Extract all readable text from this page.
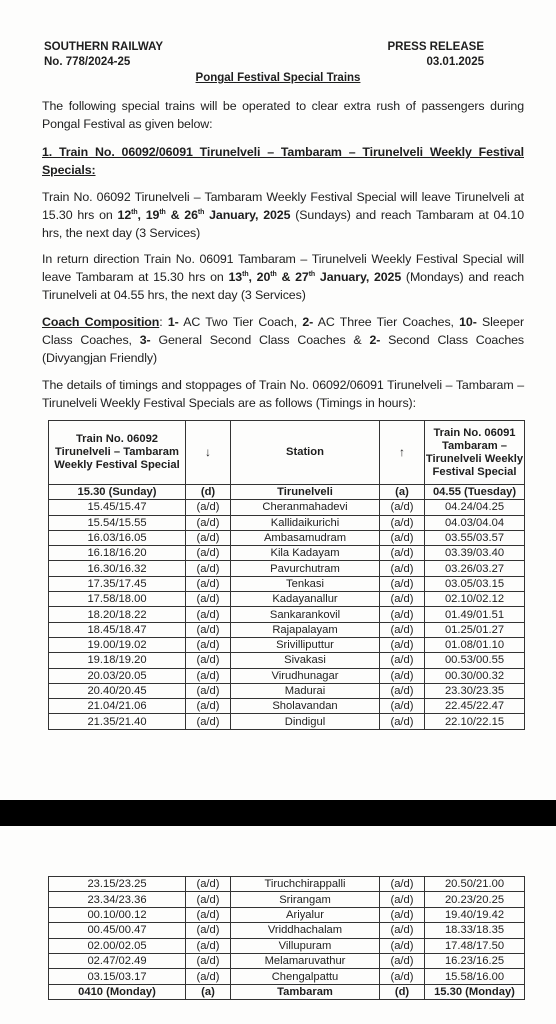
SOUTHERN RAILWAY
No. 778/2024-25
PRESS RELEASE
03.01.2025
Pongal Festival Special Trains
The following special trains will be operated to clear extra rush of passengers during Pongal Festival as given below:
1. Train No. 06092/06091 Tirunelveli – Tambaram – Tirunelveli Weekly Festival Specials:
Train No. 06092 Tirunelveli – Tambaram Weekly Festival Special will leave Tirunelveli at 15.30 hrs on 12th, 19th & 26th January, 2025 (Sundays) and reach Tambaram at 04.10 hrs, the next day (3 Services)
In return direction Train No. 06091 Tambaram – Tirunelveli Weekly Festival Special will leave Tambaram at 15.30 hrs on 13th, 20th & 27th January, 2025 (Mondays) and reach Tirunelveli at 04.55 hrs, the next day (3 Services)
Coach Composition: 1- AC Two Tier Coach, 2- AC Three Tier Coaches, 10- Sleeper Class Coaches, 3- General Second Class Coaches & 2- Second Class Coaches (Divyangjan Friendly)
The details of timings and stoppages of Train No. 06092/06091 Tirunelveli – Tambaram – Tirunelveli Weekly Festival Specials are as follows (Timings in hours):
Train No. 06092 Tirunelveli – Tambaram Weekly Festival Special	↓	Station	↑	Train No. 06091 Tambaram – Tirunelveli Weekly Festival Special
15.30 (Sunday)	(d)	Tirunelveli	(a)	04.55 (Tuesday)
15.45/15.47	(a/d)	Cheranmahadevi	(a/d)	04.24/04.25
15.54/15.55	(a/d)	Kallidaikurichi	(a/d)	04.03/04.04
16.03/16.05	(a/d)	Ambasamudram	(a/d)	03.55/03.57
16.18/16.20	(a/d)	Kila Kadayam	(a/d)	03.39/03.40
16.30/16.32	(a/d)	Pavurchutram	(a/d)	03.26/03.27
17.35/17.45	(a/d)	Tenkasi	(a/d)	03.05/03.15
17.58/18.00	(a/d)	Kadayanallur	(a/d)	02.10/02.12
18.20/18.22	(a/d)	Sankarankovil	(a/d)	01.49/01.51
18.45/18.47	(a/d)	Rajapalayam	(a/d)	01.25/01.27
19.00/19.02	(a/d)	Srivilliputtur	(a/d)	01.08/01.10
19.18/19.20	(a/d)	Sivakasi	(a/d)	00.53/00.55
20.03/20.05	(a/d)	Virudhunagar	(a/d)	00.30/00.32
20.40/20.45	(a/d)	Madurai	(a/d)	23.30/23.35
21.04/21.06	(a/d)	Sholavandan	(a/d)	22.45/22.47
21.35/21.40	(a/d)	Dindigul	(a/d)	22.10/22.15
23.15/23.25	(a/d)	Tiruchchirappalli	(a/d)	20.50/21.00
23.34/23.36	(a/d)	Srirangam	(a/d)	20.23/20.25
00.10/00.12	(a/d)	Ariyalur	(a/d)	19.40/19.42
00.45/00.47	(a/d)	Vriddhachalam	(a/d)	18.33/18.35
02.00/02.05	(a/d)	Villupuram	(a/d)	17.48/17.50
02.47/02.49	(a/d)	Melamaruvathur	(a/d)	16.23/16.25
03.15/03.17	(a/d)	Chengalpattu	(a/d)	15.58/16.00
0410 (Monday)	(a)	Tambaram	(d)	15.30 (Monday)
